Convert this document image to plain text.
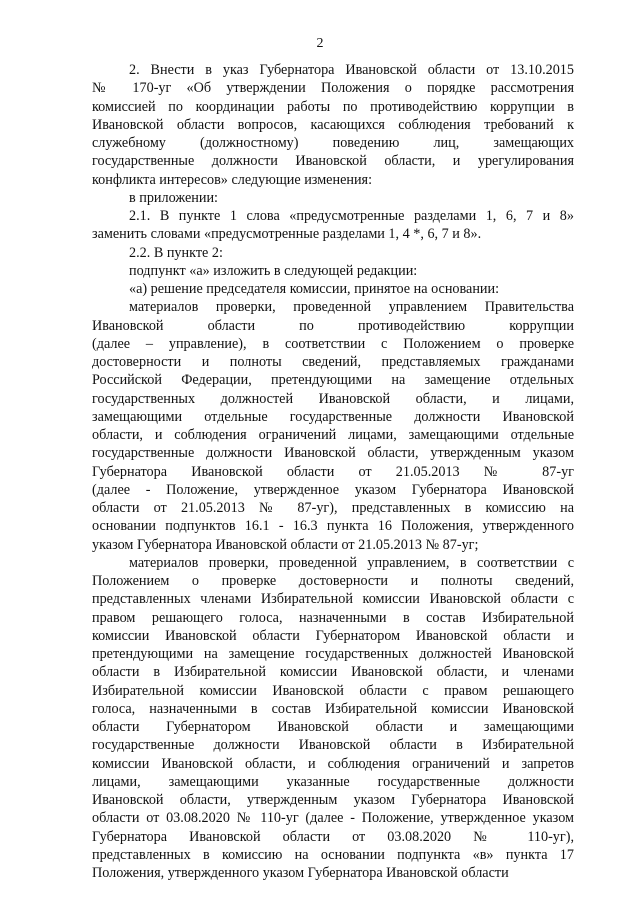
2
2. Внести в указ Губернатора Ивановской области от 13.10.2015
№ 170-уг «Об утверждении Положения о порядке рассмотрения
комиссией по координации работы по противодействию коррупции в
Ивановской области вопросов, касающихся соблюдения требований к
служебному (должностному) поведению лиц, замещающих
государственные должности Ивановской области, и урегулирования
конфликта интересов» следующие изменения:
в приложении:
2.1. В пункте 1 слова «предусмотренные разделами 1, 6, 7 и 8»
заменить словами «предусмотренные разделами 1, 4 *, 6, 7 и 8».
2.2. В пункте 2:
подпункт «а» изложить в следующей редакции:
«а) решение председателя комиссии, принятое на основании:
материалов проверки, проведенной управлением Правительства
Ивановской области по противодействию коррупции
(далее – управление), в соответствии с Положением о проверке
достоверности и полноты сведений, представляемых гражданами
Российской Федерации, претендующими на замещение отдельных
государственных должностей Ивановской области, и лицами,
замещающими отдельные государственные должности Ивановской
области, и соблюдения ограничений лицами, замещающими отдельные
государственные должности Ивановской области, утвержденным указом
Губернатора Ивановской области от 21.05.2013 № 87-уг
(далее - Положение, утвержденное указом Губернатора Ивановской
области от 21.05.2013 № 87-уг), представленных в комиссию на
основании подпунктов 16.1 - 16.3 пункта 16 Положения, утвержденного
указом Губернатора Ивановской области от 21.05.2013 № 87-уг;
материалов проверки, проведенной управлением, в соответствии с
Положением о проверке достоверности и полноты сведений,
представленных членами Избирательной комиссии Ивановской области с
правом решающего голоса, назначенными в состав Избирательной
комиссии Ивановской области Губернатором Ивановской области и
претендующими на замещение государственных должностей Ивановской
области в Избирательной комиссии Ивановской области, и членами
Избирательной комиссии Ивановской области с правом решающего
голоса, назначенными в состав Избирательной комиссии Ивановской
области Губернатором Ивановской области и замещающими
государственные должности Ивановской области в Избирательной
комиссии Ивановской области, и соблюдения ограничений и запретов
лицами, замещающими указанные государственные должности
Ивановской области, утвержденным указом Губернатора Ивановской
области от 03.08.2020 № 110-уг (далее - Положение, утвержденное указом
Губернатора Ивановской области от 03.08.2020 № 110-уг),
представленных в комиссию на основании подпункта «в» пункта 17
Положения, утвержденного указом Губернатора Ивановской области
